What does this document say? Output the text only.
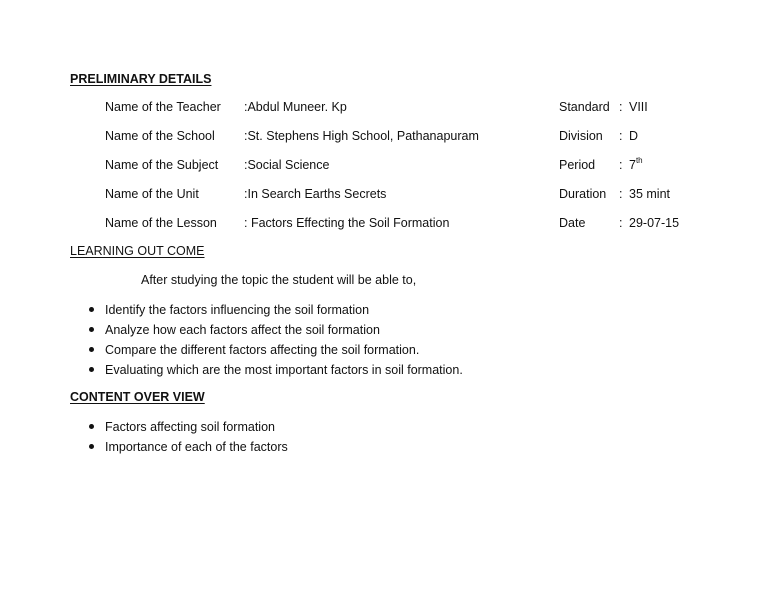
PRELIMINARY DETAILS
Name of the Teacher :Abdul Muneer. Kp	Standard : VIII
Name of the School :St. Stephens High School, Pathanapuram	Division : D
Name of the Subject :Social Science	Period : 7th
Name of the Unit	:In Search Earths Secrets	Duration : 35 mint
Name of the Lesson : Factors Effecting the Soil Formation	Date	: 29-07-15
LEARNING OUT COME
After studying the topic the student will be able to,
Identify the factors influencing the soil formation
Analyze how each factors affect the soil formation
Compare the different factors affecting the soil formation.
Evaluating which are the most important factors in soil formation.
CONTENT OVER VIEW
Factors affecting soil formation
Importance of each of the factors
